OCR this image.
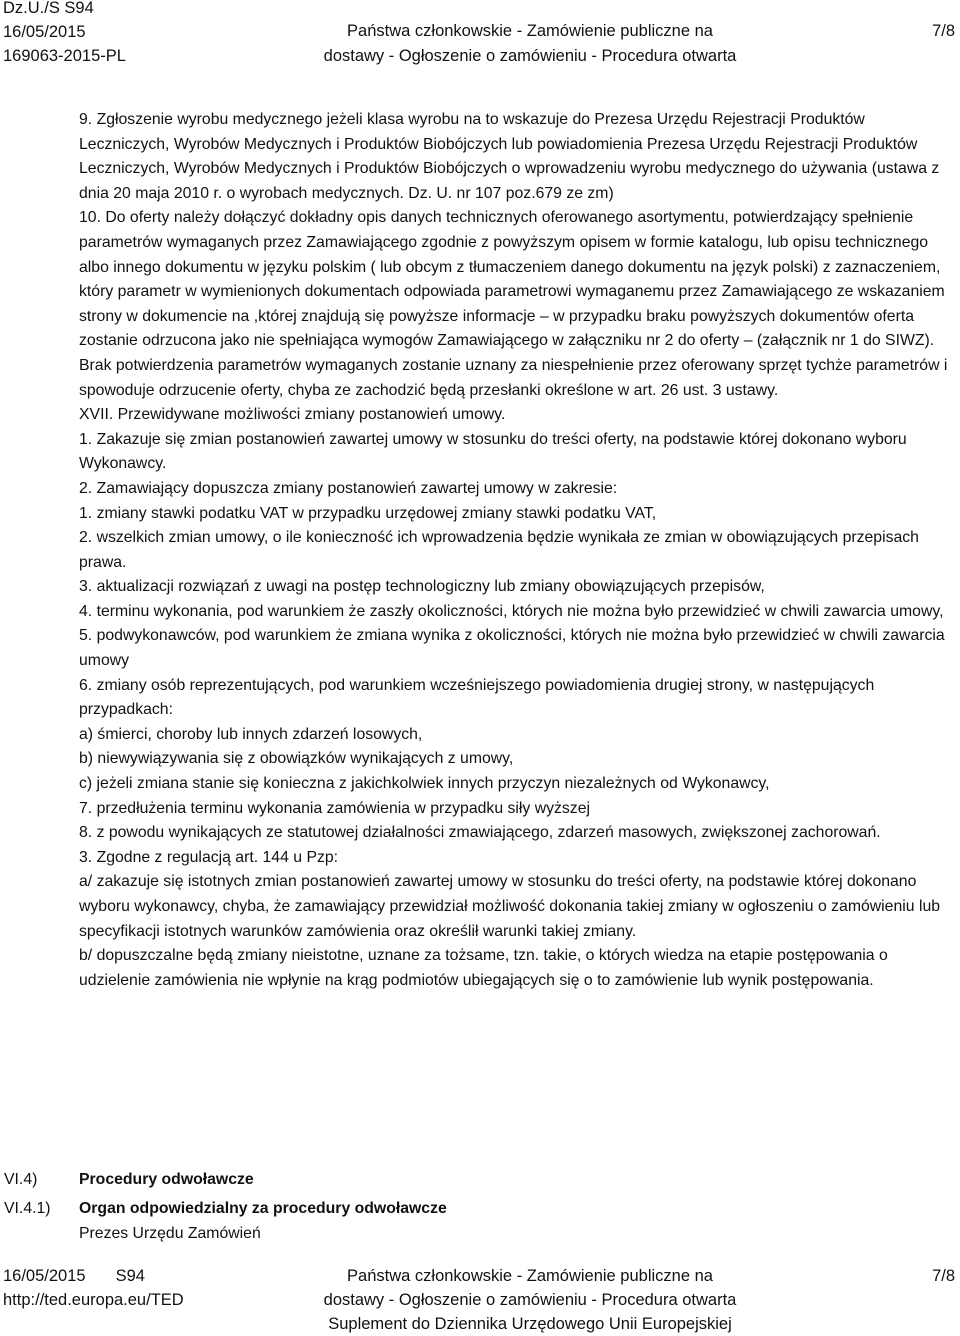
Dz.U./S S94
16/05/2015
169063-2015-PL
Państwa członkowskie - Zamówienie publiczne na
dostawy - Ogłoszenie o zamówieniu - Procedura otwarta
7/8

9. Zgłoszenie wyrobu medycznego jeżeli klasa wyrobu na to wskazuje do Prezesa Urzędu Rejestracji Produktów Leczniczych, Wyrobów Medycznych i Produktów Biobójczych lub powiadomienia Prezesa Urzędu Rejestracji Produktów Leczniczych, Wyrobów Medycznych i Produktów Biobójczych o wprowadzeniu wyrobu medycznego do używania (ustawa z dnia 20 maja 2010 r. o wyrobach medycznych. Dz. U. nr 107 poz.679 ze zm)

10. Do oferty należy dołączyć dokładny opis danych technicznych oferowanego asortymentu, potwierdzający spełnienie parametrów wymaganych przez Zamawiającego zgodnie z powyższym opisem w formie katalogu, lub opisu technicznego albo innego dokumentu w języku polskim ( lub obcym z tłumaczeniem danego dokumentu na język polski) z zaznaczeniem, który parametr w wymienionych dokumentach odpowiada parametrowi wymaganemu przez Zamawiającego ze wskazaniem strony w dokumencie na ,której znajdują się powyższe informacje – w przypadku braku powyższych dokumentów oferta zostanie odrzucona jako nie spełniająca wymogów Zamawiającego w załączniku nr 2 do oferty – (załącznik nr 1 do SIWZ). Brak potwierdzenia parametrów wymaganych zostanie uznany za niespełnienie przez oferowany sprzęt tychże parametrów i spowoduje odrzucenie oferty, chyba ze zachodzić będą przesłanki określone w art. 26 ust. 3 ustawy.

XVII. Przewidywane możliwości zmiany postanowień umowy.

1. Zakazuje się zmian postanowień zawartej umowy w stosunku do treści oferty, na podstawie której dokonano wyboru Wykonawcy.

2. Zamawiający dopuszcza zmiany postanowień zawartej umowy w zakresie:

1. zmiany stawki podatku VAT w przypadku urzędowej zmiany stawki podatku VAT,

2. wszelkich zmian umowy, o ile konieczność ich wprowadzenia będzie wynikała ze zmian w obowiązujących przepisach prawa.

3. aktualizacji rozwiązań z uwagi na postęp technologiczny lub zmiany obowiązujących przepisów,

4. terminu wykonania, pod warunkiem że zaszły okoliczności, których nie można było przewidzieć w chwili zawarcia umowy,

5. podwykonawców, pod warunkiem że zmiana wynika z okoliczności, których nie można było przewidzieć w chwili zawarcia umowy

6. zmiany osób reprezentujących, pod warunkiem wcześniejszego powiadomienia drugiej strony, w następujących przypadkach:

a) śmierci, choroby lub innych zdarzeń losowych,

b) niewywiązywania się z obowiązków wynikających z umowy,

c) jeżeli zmiana stanie się konieczna z jakichkolwiek innych przyczyn niezależnych od Wykonawcy,

7. przedłużenia terminu wykonania zamówienia w przypadku siły wyższej

8. z powodu wynikających ze statutowej działalności zmawiającego, zdarzeń masowych, zwiększonej zachorowań.

3. Zgodne z regulacją art. 144 u Pzp:

a/ zakazuje się istotnych zmian postanowień zawartej umowy w stosunku do treści oferty, na podstawie której dokonano wyboru wykonawcy, chyba, że zamawiający przewidział możliwość dokonania takiej zmiany w ogłoszeniu o zamówieniu lub specyfikacji istotnych warunków zamówienia oraz określił warunki takiej zmiany.

b/ dopuszczalne będą zmiany nieistotne, uznane za tożsame, tzn. takie, o których wiedza na etapie postępowania o udzielenie zamówienia nie wpłynie na krąg podmiotów ubiegających się o to zamówienie lub wynik postępowania.

VI.4)	Procedury odwoławcze
VI.4.1) Organ odpowiedzialny za procedury odwoławcze
Prezes Urzędu Zamówień
16/05/2015 S94
http://ted.europa.eu/TED
Państwa członkowskie - Zamówienie publiczne na
dostawy - Ogłoszenie o zamówieniu - Procedura otwarta
Suplement do Dziennika Urzędowego Unii Europejskiej
7/8
